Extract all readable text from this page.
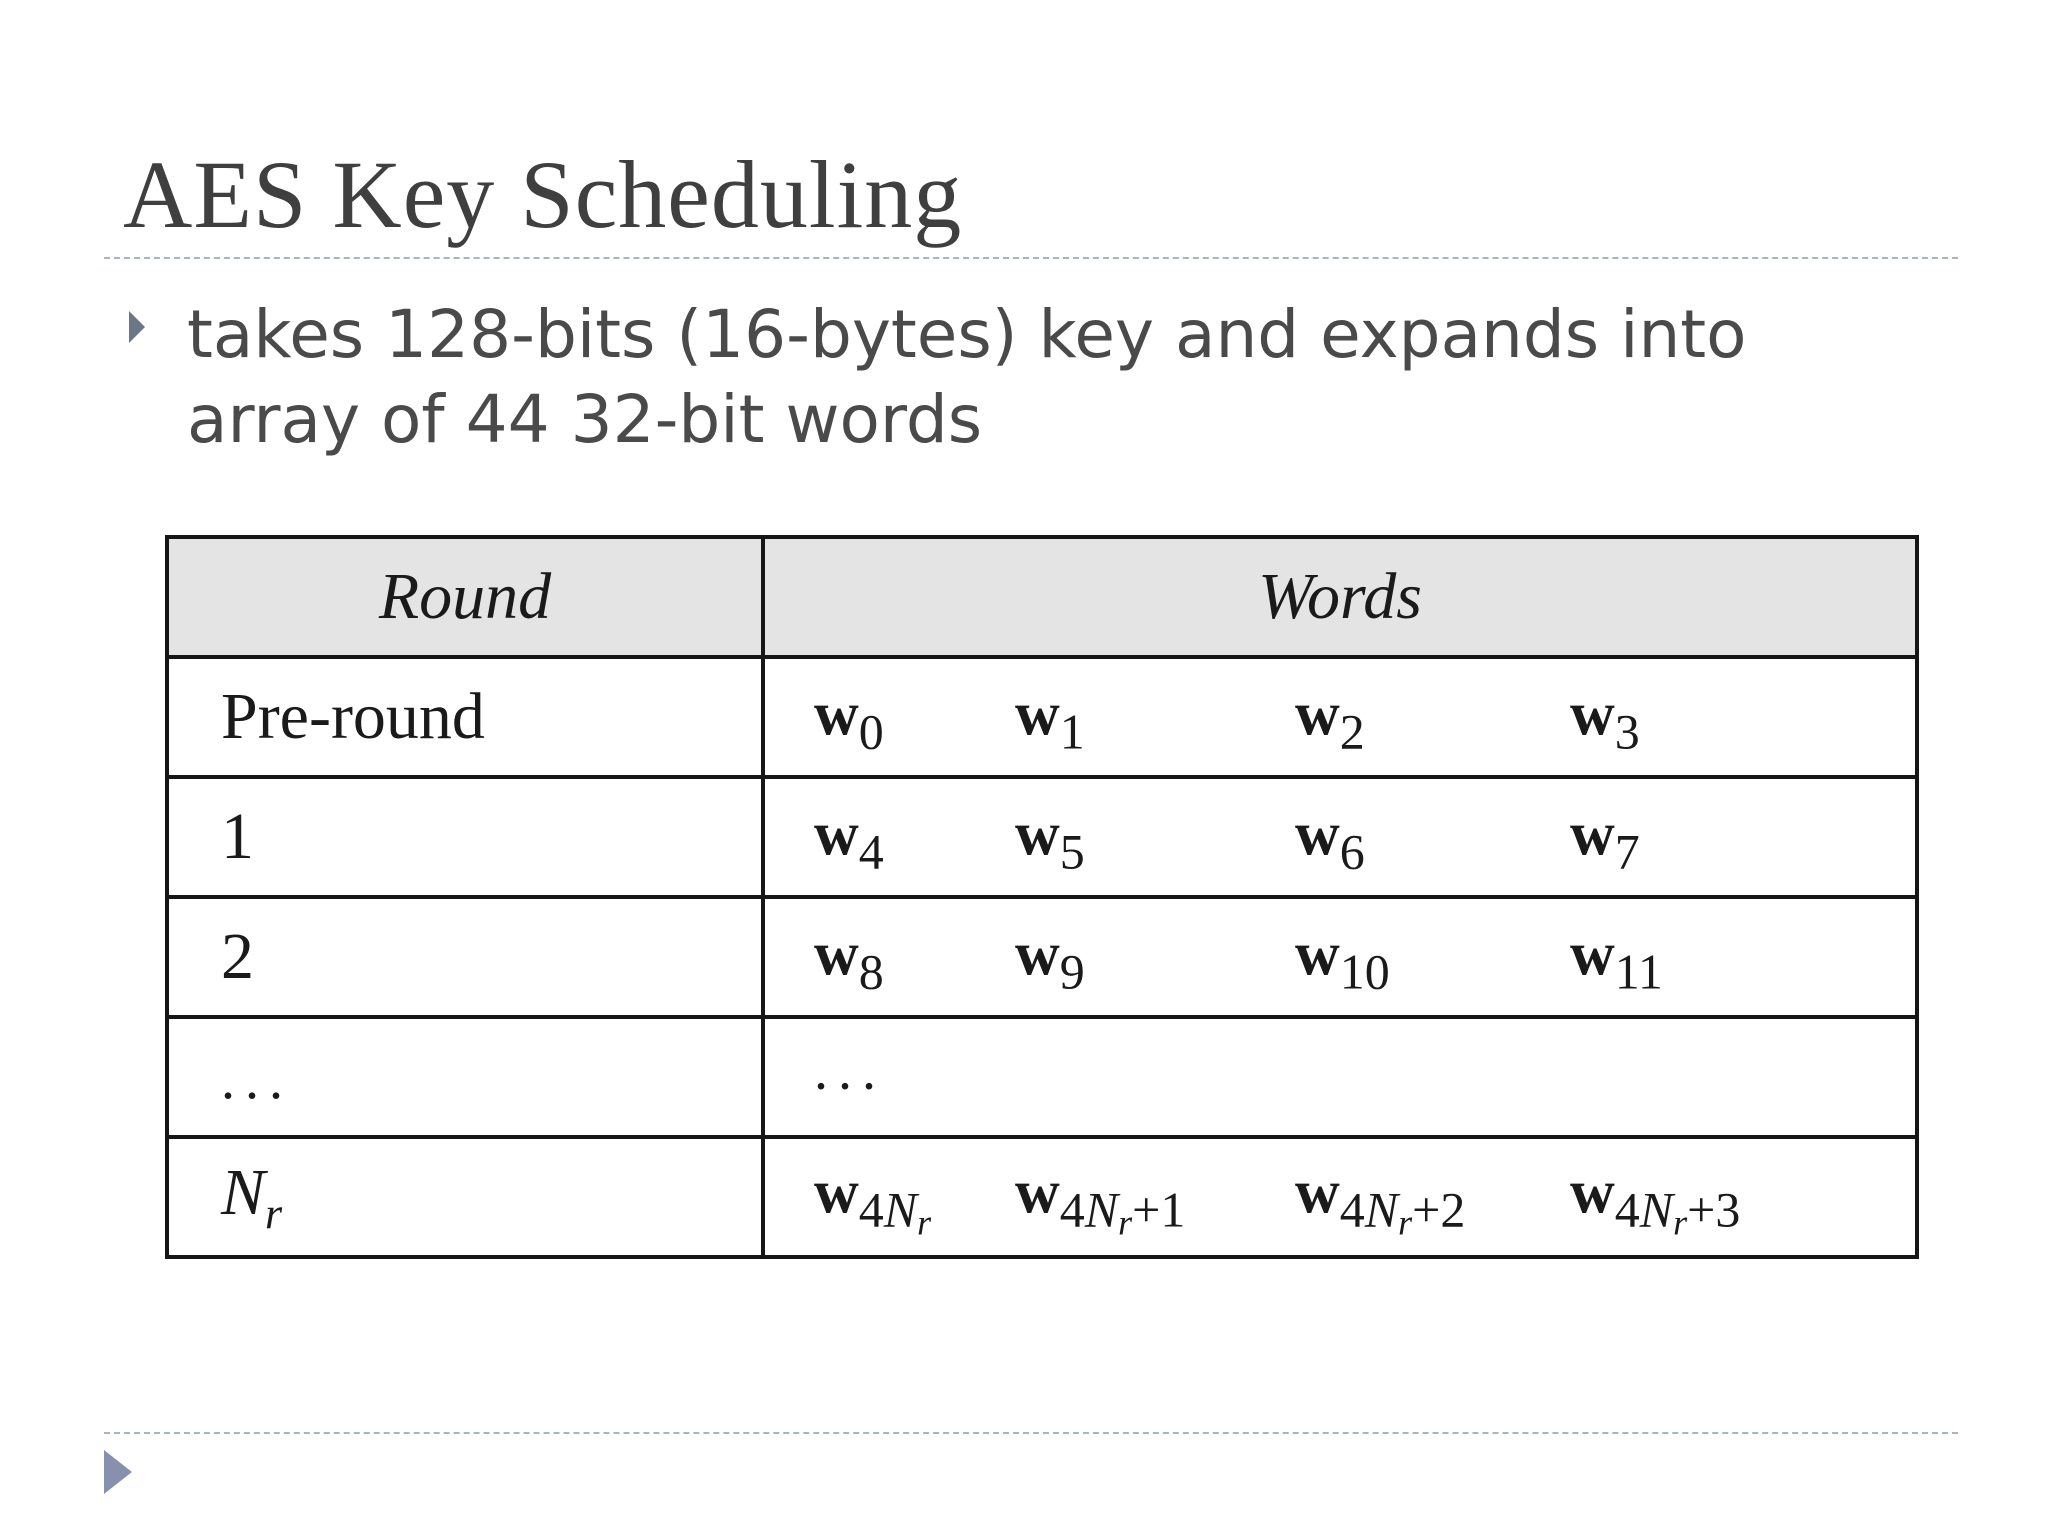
AES Key Scheduling

takes 128-bits (16-bytes) key and expands into array of 44 32-bit words

Round	Words
Pre-round	$w_0$ $w_1$ $w_2$ $w_3$

1	$w_4$ $w_5$ $w_6$ $w_7$

2	$w_8$ $w_9$ $w_{10}$ $w_{11}$

...	...

$N_r$	$w_{4N_r}$ $w_{4N_r+1}$ $w_{4N_r+2}$ $w_{4N_r+3}$
